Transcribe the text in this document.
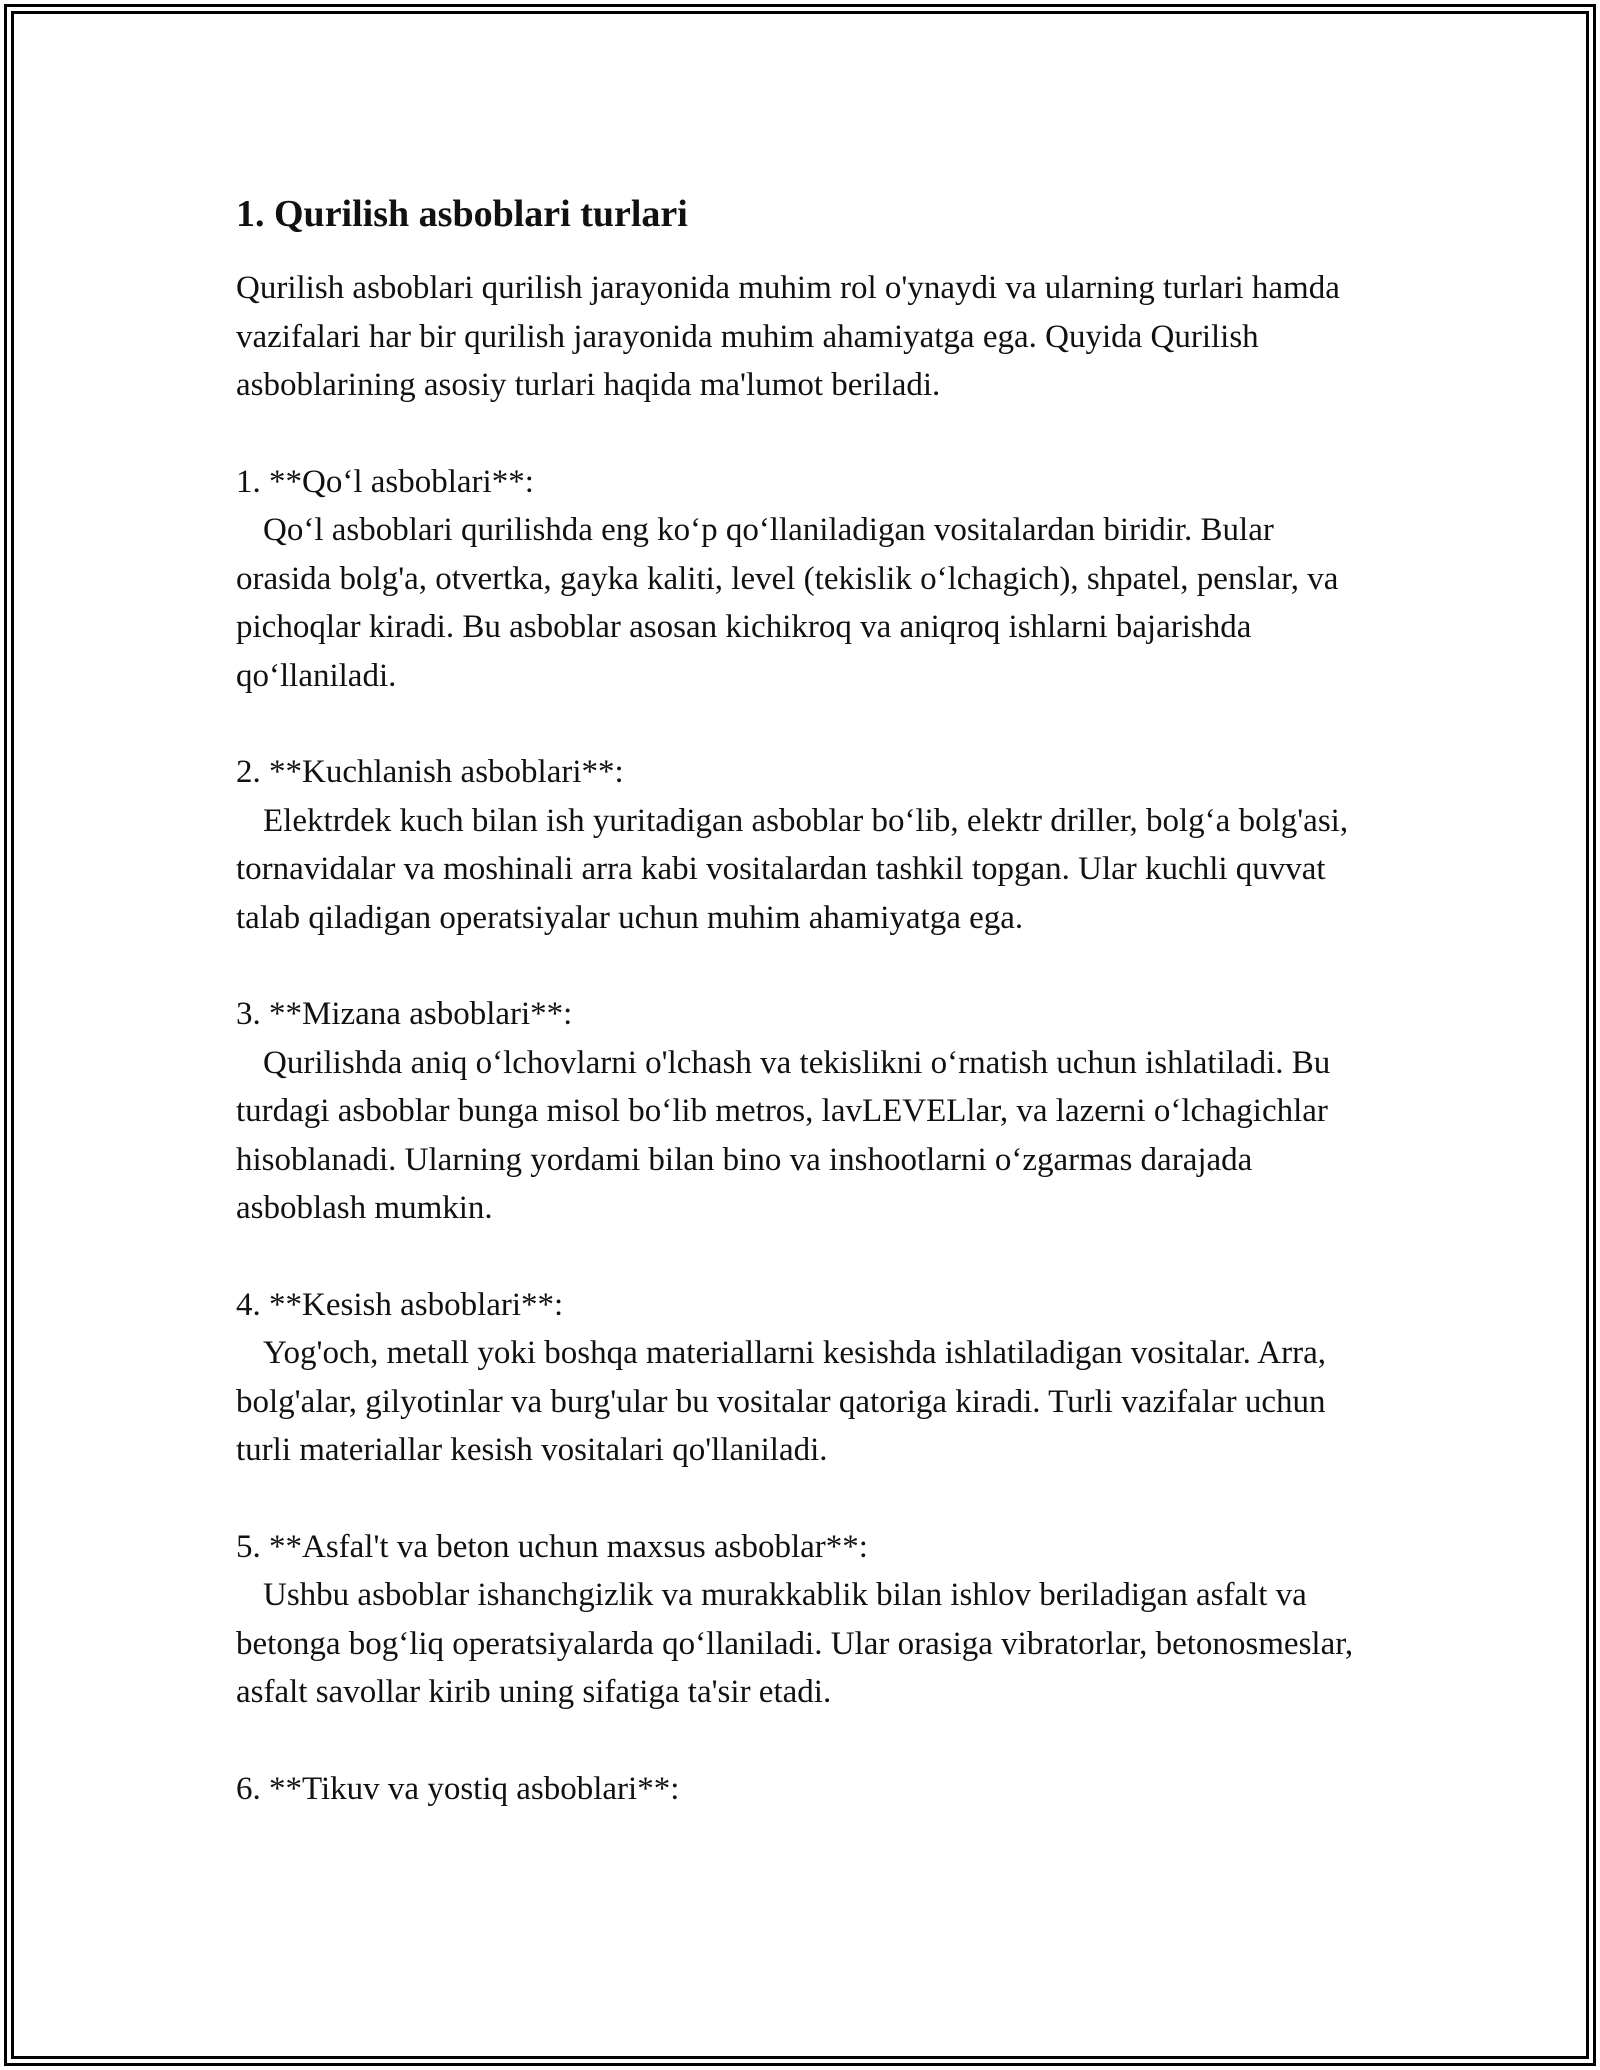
1. Qurilish asboblari turlari

Qurilish asboblari qurilish jarayonida muhim rol o'ynaydi va ularning turlari hamda vazifalari har bir qurilish jarayonida muhim ahamiyatga ega. Quyida Qurilish asboblarining asosiy turlari haqida ma'lumot beriladi.

1. **Qo‘l asboblari**:

Qo‘l asboblari qurilishda eng ko‘p qo‘llaniladigan vositalardan biridir. Bular orasida bolg'a, otvertka, gayka kaliti, level (tekislik o‘lchagich), shpatel, penslar, va pichoqlar kiradi. Bu asboblar asosan kichikroq va aniqroq ishlarni bajarishda qo‘llaniladi.

2. **Kuchlanish asboblari**:

Elektrdek kuch bilan ish yuritadigan asboblar bo‘lib, elektr driller, bolg‘a bolg'asi, tornavidalar va moshinali arra kabi vositalardan tashkil topgan. Ular kuchli quvvat talab qiladigan operatsiyalar uchun muhim ahamiyatga ega.

3. **Mizana asboblari**:

Qurilishda aniq o‘lchovlarni o'lchash va tekislikni o‘rnatish uchun ishlatiladi. Bu turdagi asboblar bunga misol bo‘lib metros, lavLEVELlar, va lazerni o‘lchagichlar hisoblanadi. Ularning yordami bilan bino va inshootlarni o‘zgarmas darajada asboblash mumkin.

4. **Kesish asboblari**:

Yog'och, metall yoki boshqa materiallarni kesishda ishlatiladigan vositalar. Arra, bolg'alar, gilyotinlar va burg'ular bu vositalar qatoriga kiradi. Turli vazifalar uchun turli materiallar kesish vositalari qo'llaniladi.

5. **Asfal't va beton uchun maxsus asboblar**:

Ushbu asboblar ishanchgizlik va murakkablik bilan ishlov beriladigan asfalt va betonga bog‘liq operatsiyalarda qo‘llaniladi. Ular orasiga vibratorlar, betonosmeslar, asfalt savollar kirib uning sifatiga ta'sir etadi.

6. **Tikuv va yostiq asboblari**:
